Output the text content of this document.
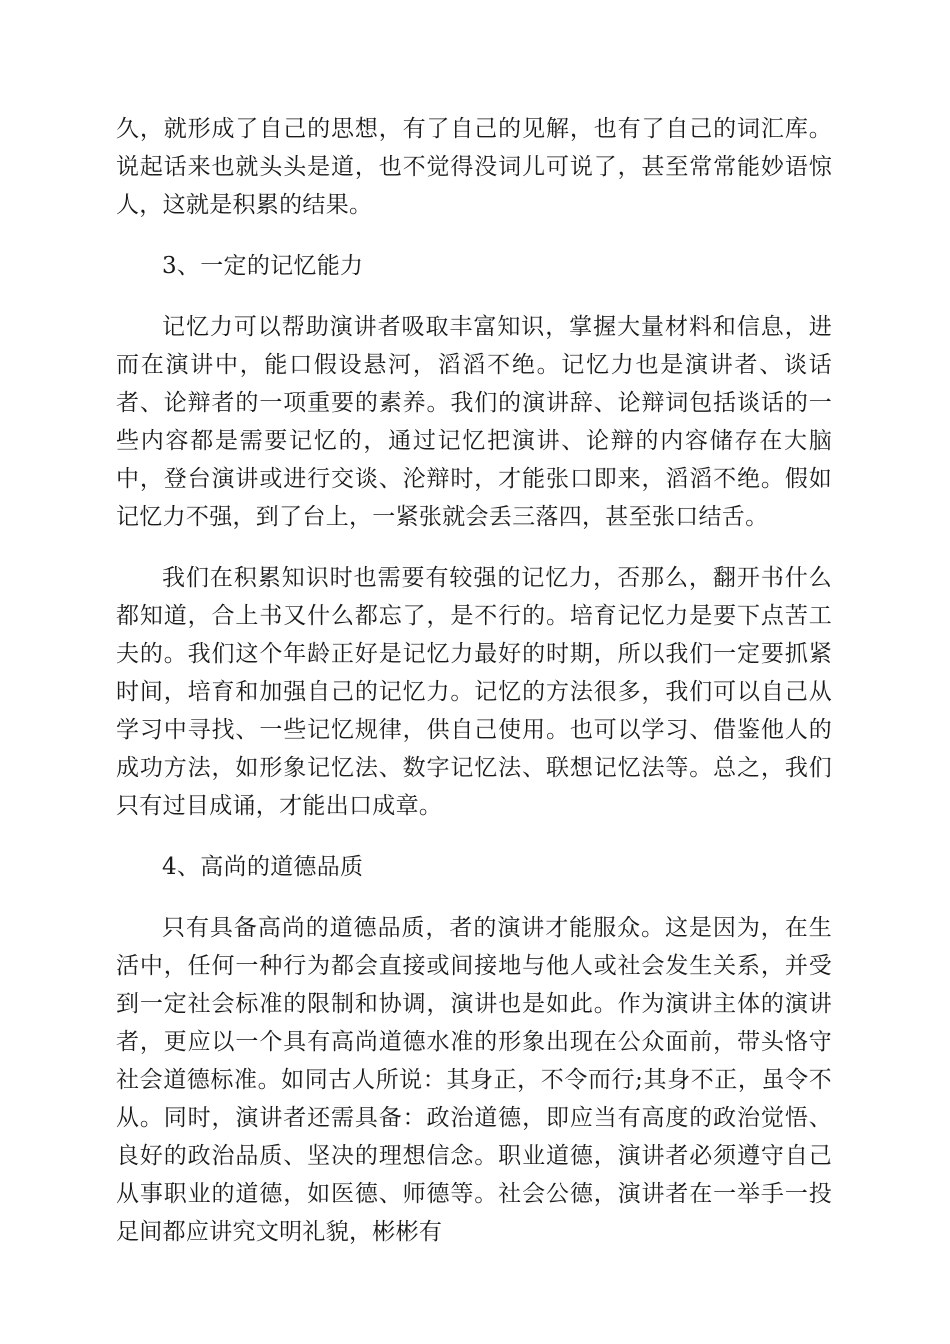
久，就形成了自己的思想，有了自己的见解，也有了自己的词汇库。说起话来也就头头是道，也不觉得没词儿可说了，甚至常常能妙语惊人，这就是积累的结果。

3、一定的记忆能力

记忆力可以帮助演讲者吸取丰富知识，掌握大量材料和信息，进而在演讲中，能口假设悬河，滔滔不绝。记忆力也是演讲者、谈话者、论辩者的一项重要的素养。我们的演讲辞、论辩词包括谈话的一些内容都是需要记忆的，通过记忆把演讲、论辩的内容储存在大脑中，登台演讲或进行交谈、沦辩时，才能张口即来，滔滔不绝。假如记忆力不强，到了台上，一紧张就会丢三落四，甚至张口结舌。

我们在积累知识时也需要有较强的记忆力，否那么，翻开书什么都知道，合上书又什么都忘了，是不行的。培育记忆力是要下点苦工夫的。我们这个年龄正好是记忆力最好的时期，所以我们一定要抓紧时间，培育和加强自己的记忆力。记忆的方法很多，我们可以自己从学习中寻找、一些记忆规律，供自己使用。也可以学习、借鉴他人的成功方法，如形象记忆法、数字记忆法、联想记忆法等。总之，我们只有过目成诵，才能出口成章。

4、高尚的道德品质

只有具备高尚的道德品质，者的演讲才能服众。这是因为，在生活中，任何一种行为都会直接或间接地与他人或社会发生关系，并受到一定社会标准的限制和协调，演讲也是如此。作为演讲主体的演讲者，更应以一个具有高尚道德水准的形象出现在公众面前，带头恪守社会道德标准。如同古人所说：其身正，不令而行;其身不正，虽令不从。同时，演讲者还需具备：政治道德，即应当有高度的政治觉悟、良好的政治品质、坚决的理想信念。职业道德，演讲者必须遵守自己从事职业的道德，如医德、师德等。社会公德，演讲者在一举手一投足间都应讲究文明礼貌，彬彬有
